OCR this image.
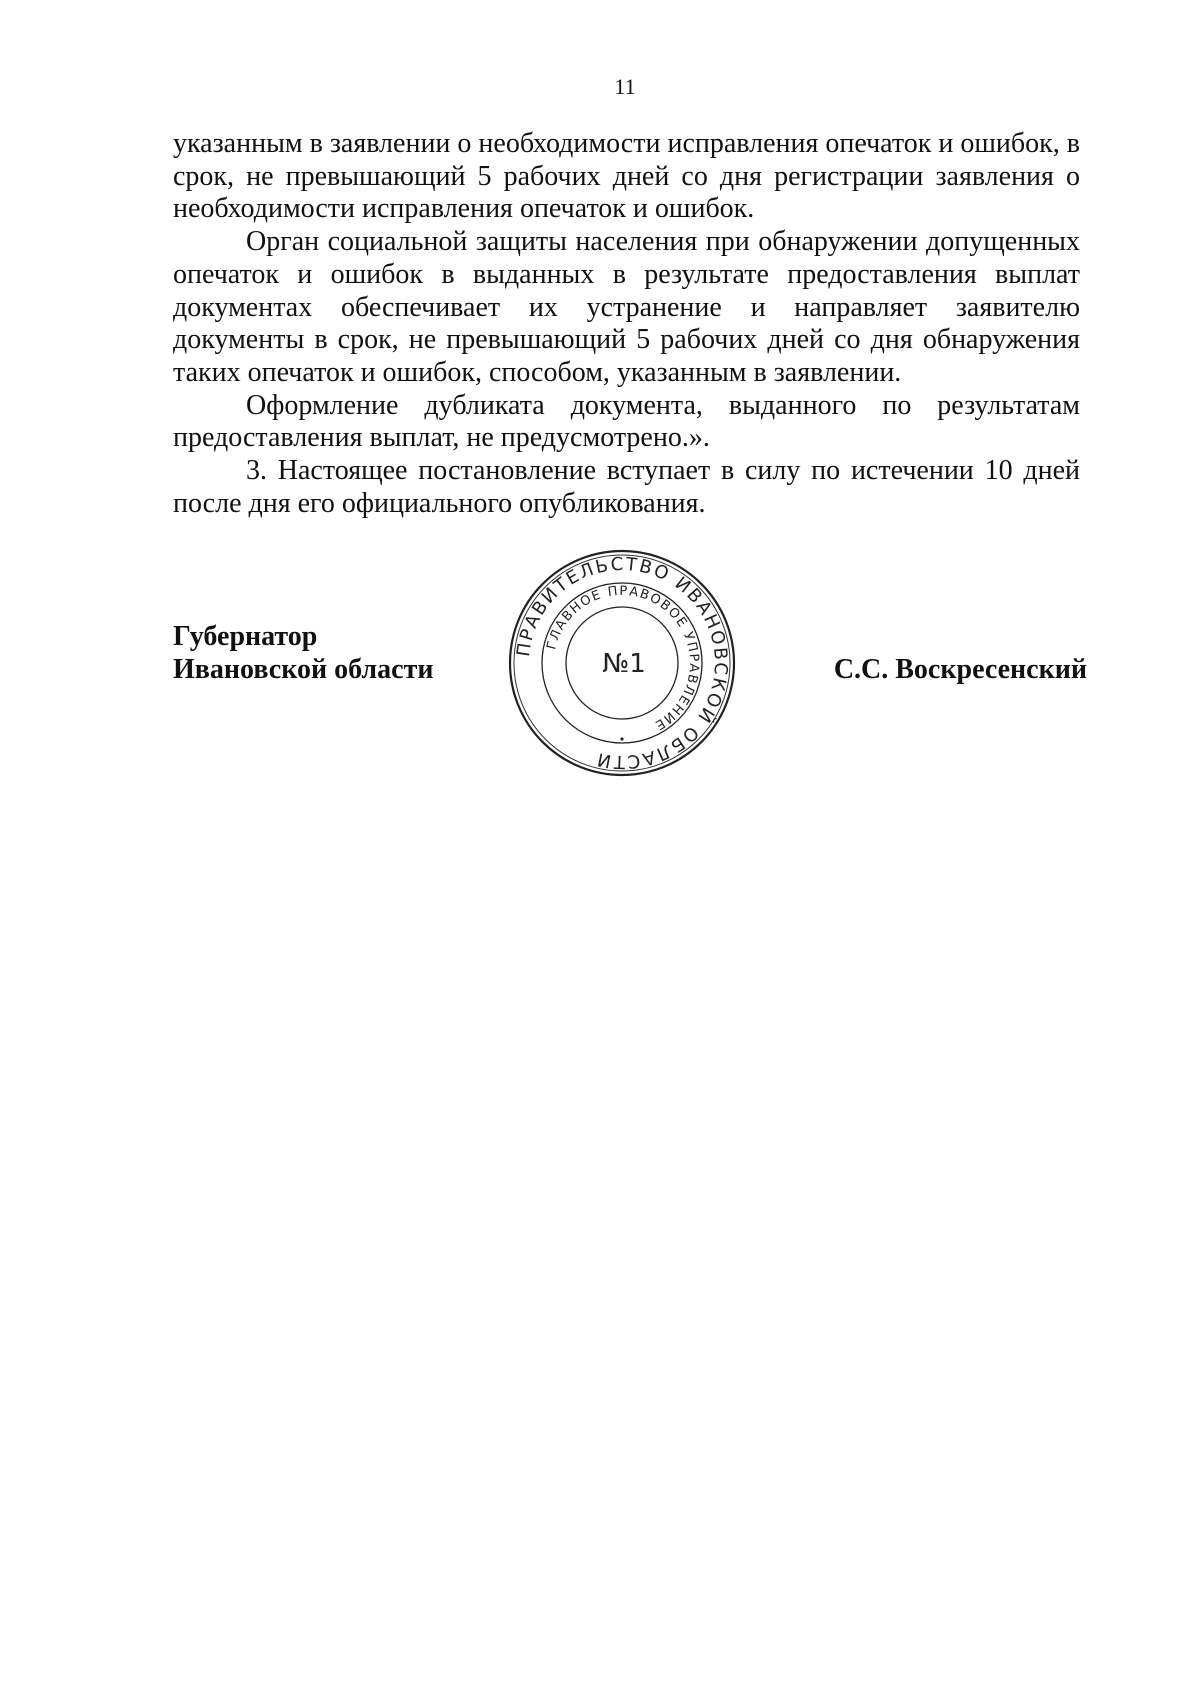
11

указанным в заявлении о необходимости исправления опечаток и ошибок, в срок, не превышающий 5 рабочих дней со дня регистрации заявления о необходимости исправления опечаток и ошибок.

Орган социальной защиты населения при обнаружении допущенных опечаток и ошибок в выданных в результате предоставления выплат документах обеспечивает их устранение и направляет заявителю документы в срок, не превышающий 5 рабочих дней со дня обнаружения таких опечаток и ошибок, способом, указанным в заявлении.

Оформление дубликата документа, выданного по результатам предоставления выплат, не предусмотрено.».

3. Настоящее постановление вступает в силу по истечении 10 дней после дня его официального опубликования.

Губернатор
Ивановской области	С.С. Воскресенский
ПРАВИТЕЛЬСТВО ИВАНОВСКОЙ ОБЛАСТИ
ГЛАВНОЕ ПРАВОВОЕ УПРАВЛЕНИЕ
№1
